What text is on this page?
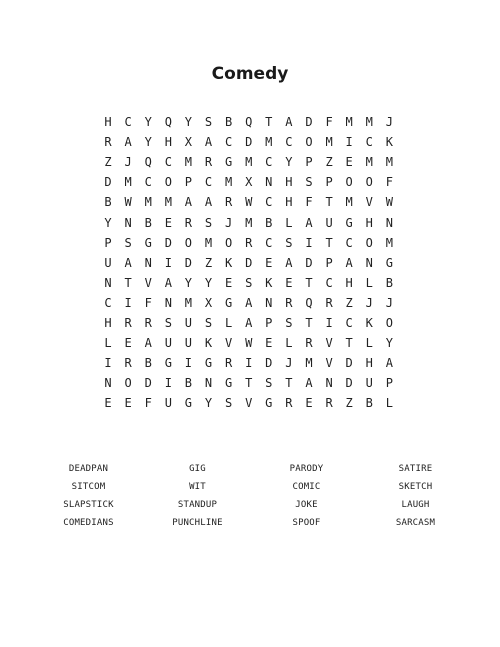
Comedy
H	C	Y	Q	Y	S	B	Q	T	A	D	F	M	M	J
R	A	Y	H	X	A	C	D	M	C	O	M	I	C	K
Z	J	Q	C	M	R	G	M	C	Y	P	Z	E	M	M
D	M	C	O	P	C	M	X	N	H	S	P	O	O	F
B	W	M	M	A	A	R	W	C	H	F	T	M	V	W
Y	N	B	E	R	S	J	M	B	L	A	U	G	H	N
P	S	G	D	O	M	O	R	C	S	I	T	C	O	M
U	A	N	I	D	Z	K	D	E	A	D	P	A	N	G
N	T	V	A	Y	Y	E	S	K	E	T	C	H	L	B
C	I	F	N	M	X	G	A	N	R	Q	R	Z	J	J
H	R	R	S	U	S	L	A	P	S	T	I	C	K	O
L	E	A	U	U	K	V	W	E	L	R	V	T	L	Y
I	R	B	G	I	G	R	I	D	J	M	V	D	H	A
N	O	D	I	B	N	G	T	S	T	A	N	D	U	P
E	E	F	U	G	Y	S	V	G	R	E	R	Z	B	L
DEADPAN	GIG	PARODY	SATIRE
SITCOM	WIT	COMIC	SKETCH
SLAPSTICK	STANDUP	JOKE	LAUGH
COMEDIANS	PUNCHLINE	SPOOF	SARCASM
